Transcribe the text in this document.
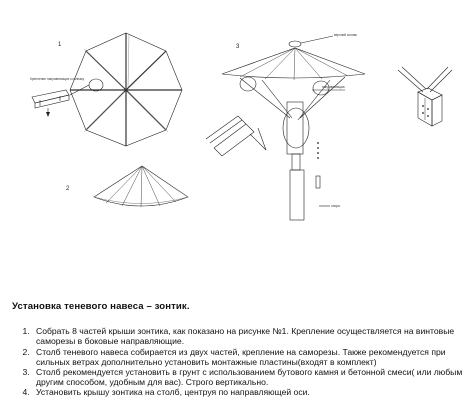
1
Крепление направляющих к колпаку
2
3
верхний колпак
направляющая
опора
Установка теневого навеса – зонтик.
1. Собрать 8 частей крыши зонтика, как показано на рисунке №1. Крепление осуществляется на винтовые саморезы в боковые направляющие.
2. Столб теневого навеса собирается из двух частей, крепление на саморезы. Также рекомендуется при сильных ветрах дополнительно установить монтажные пластины(входят в комплект)
3. Столб рекомендуется установить в грунт с использованием бутового камня и бетонной смеси( или любым другим способом, удобным для вас). Строго вертикально.
4. Установить крышу зонтика на столб, центруя по направляющей оси.
